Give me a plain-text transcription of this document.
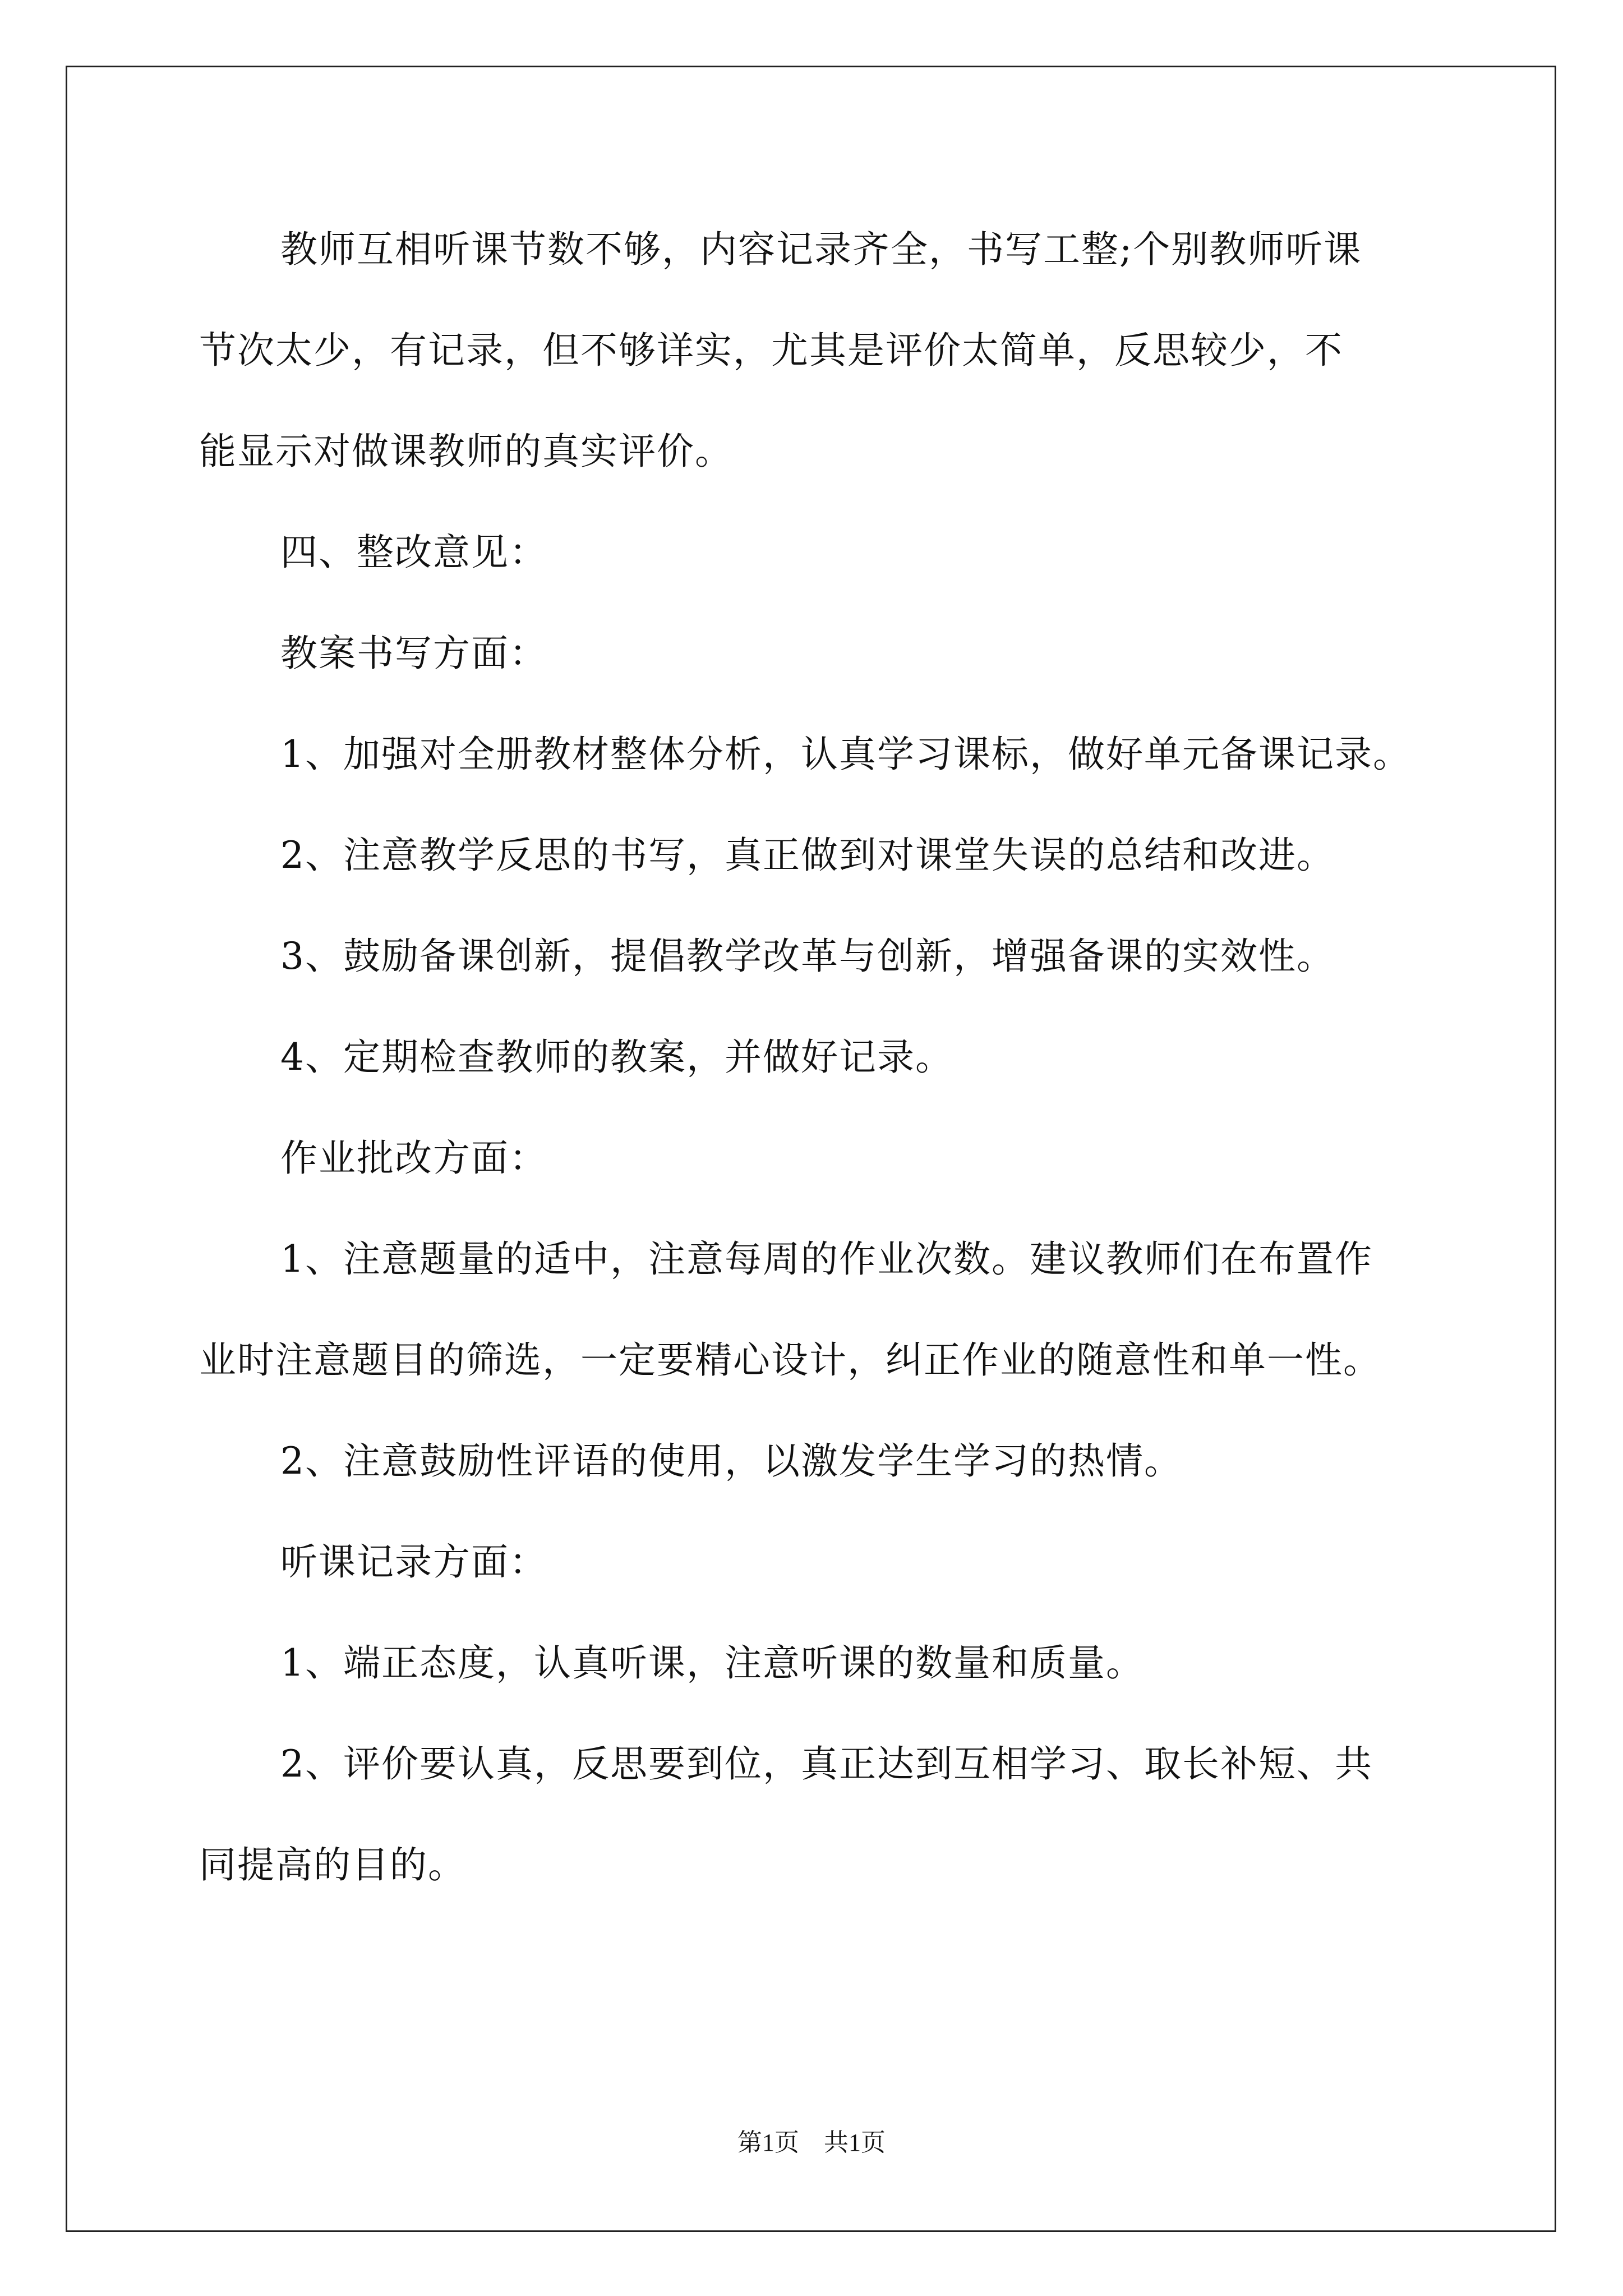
教师互相听课节数不够，内容记录齐全，书写工整;个别教师听课
节次太少，有记录，但不够详实，尤其是评价太简单，反思较少，不
能显示对做课教师的真实评价。
四、整改意见：
教案书写方面：
1、加强对全册教材整体分析，认真学习课标，做好单元备课记录。
2、注意教学反思的书写，真正做到对课堂失误的总结和改进。
3、鼓励备课创新，提倡教学改革与创新，增强备课的实效性。
4、定期检查教师的教案，并做好记录。
作业批改方面：
1、注意题量的适中，注意每周的作业次数。建议教师们在布置作
业时注意题目的筛选，一定要精心设计，纠正作业的随意性和单一性。
2、注意鼓励性评语的使用，以激发学生学习的热情。
听课记录方面：
1、端正态度，认真听课，注意听课的数量和质量。
2、评价要认真，反思要到位，真正达到互相学习、取长补短、共
同提高的目的。
第1页　共1页
